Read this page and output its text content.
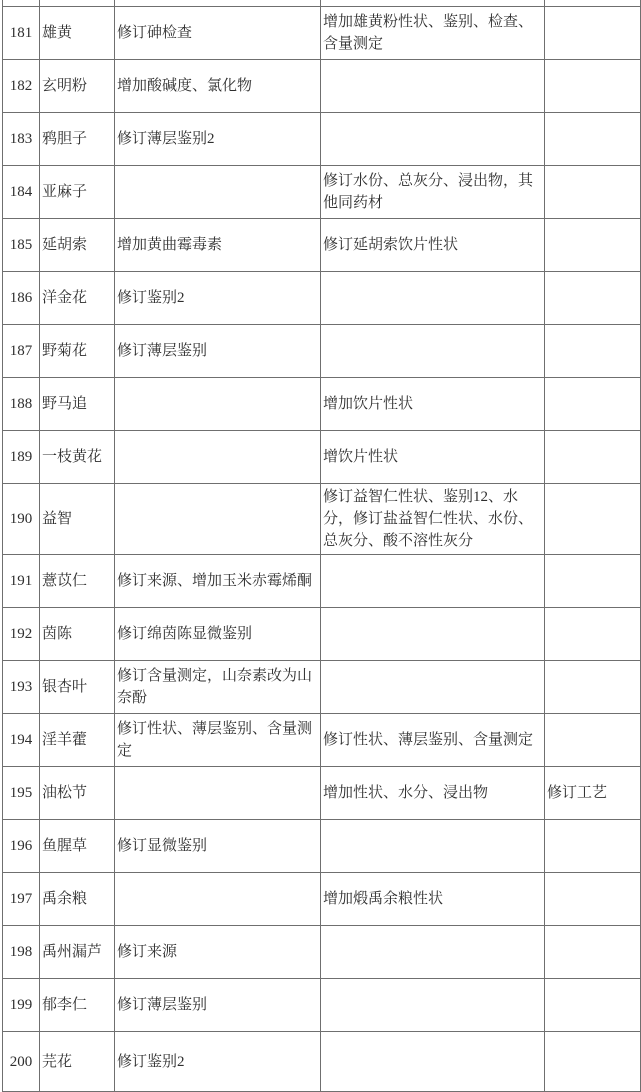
181	雄黄	修订砷检查	增加雄黄粉性状、鉴别、检查、含量测定	
182	玄明粉	增加酸碱度、氯化物		
183	鸦胆子	修订薄层鉴别2		
184	亚麻子		修订水份、总灰分、浸出物，其他同药材	
185	延胡索	增加黄曲霉毒素	修订延胡索饮片性状	
186	洋金花	修订鉴别2		
187	野菊花	修订薄层鉴别		
188	野马追		增加饮片性状	
189	一枝黄花		增饮片性状	
190	益智		修订益智仁性状、鉴别12、水分，修订盐益智仁性状、水份、总灰分、酸不溶性灰分	
191	薏苡仁	修订来源、增加玉米赤霉烯酮		
192	茵陈	修订绵茵陈显微鉴别		
193	银杏叶	修订含量测定，山奈素改为山奈酚		
194	淫羊藿	修订性状、薄层鉴别、含量测定	修订性状、薄层鉴别、含量测定	
195	油松节		增加性状、水分、浸出物	修订工艺
196	鱼腥草	修订显微鉴别		
197	禹余粮		增加煅禹余粮性状	
198	禹州漏芦	修订来源		
199	郁李仁	修订薄层鉴别		
200	芫花	修订鉴别2		
